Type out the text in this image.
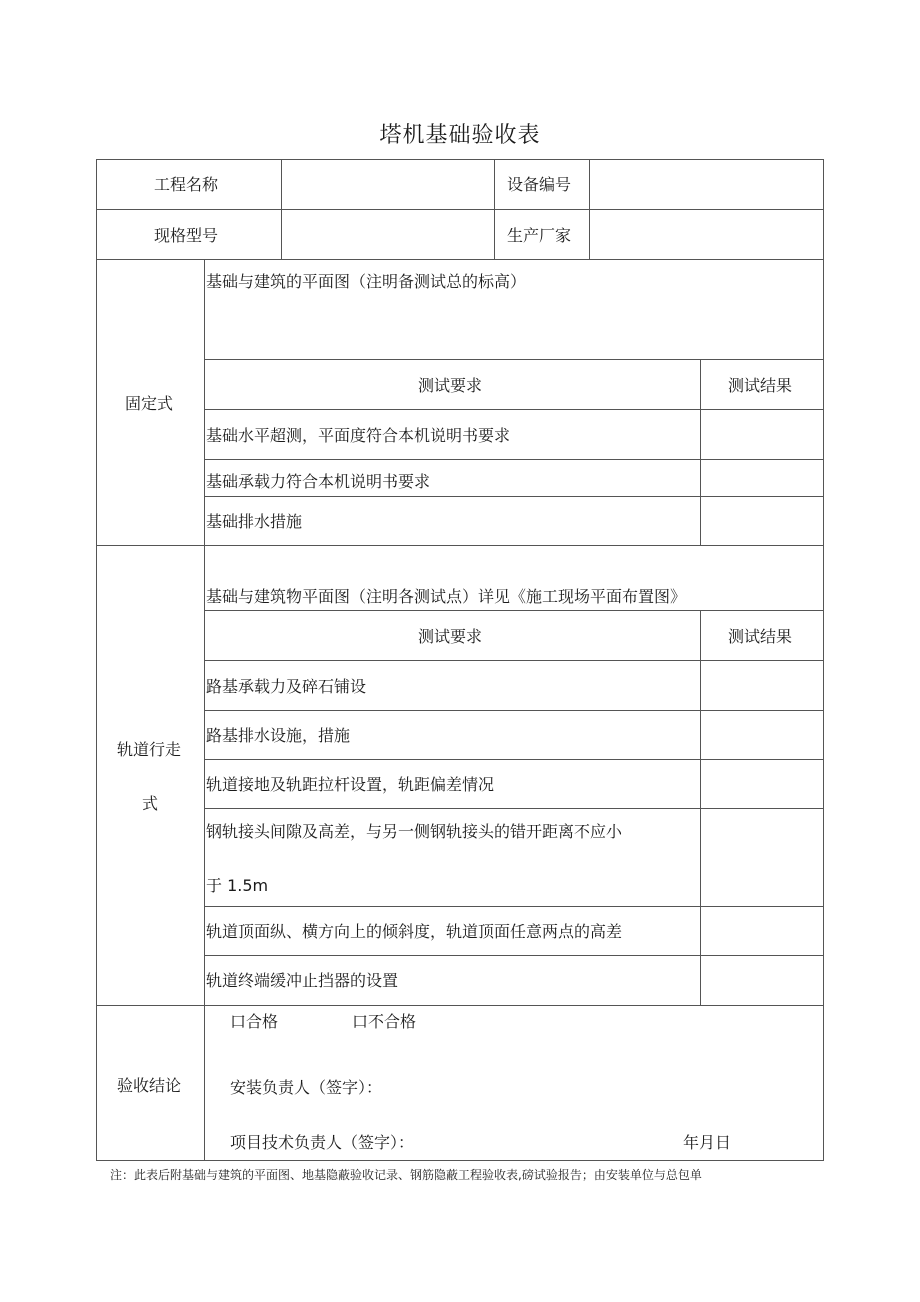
塔机基础验收表
工程名称	设备编号
现格型号	生产厂家
固定式
基础与建筑的平面图（注明备测试总的标高）
测试要求	测试结果
基础水平超测，平面度符合本机说明书要求
基础承载力符合本机说明书要求
基础排水措施
轨道行走
式
基础与建筑物平面图（注明各测试点）详见《施工现场平面布置图》
测试要求	测试结果
路基承载力及碎石铺设
路基排水设施，措施
轨道接地及轨距拉杆设置，轨距偏差情况
钢轨接头间隙及高差，与另一侧钢轨接头的错开距离不应小
于 1.5m
轨道顶面纵、横方向上的倾斜度，轨道顶面任意两点的高差
轨道终端缓冲止挡器的设置
验收结论
口合格	口不合格
安装负责人（签字）：
项目技术负责人（签字）：	年月日
注：此表后附基础与建筑的平面图、地基隐蔽验收记录、钢筋隐蔽工程验收表,磅试验报告；由安装单位与总包单
